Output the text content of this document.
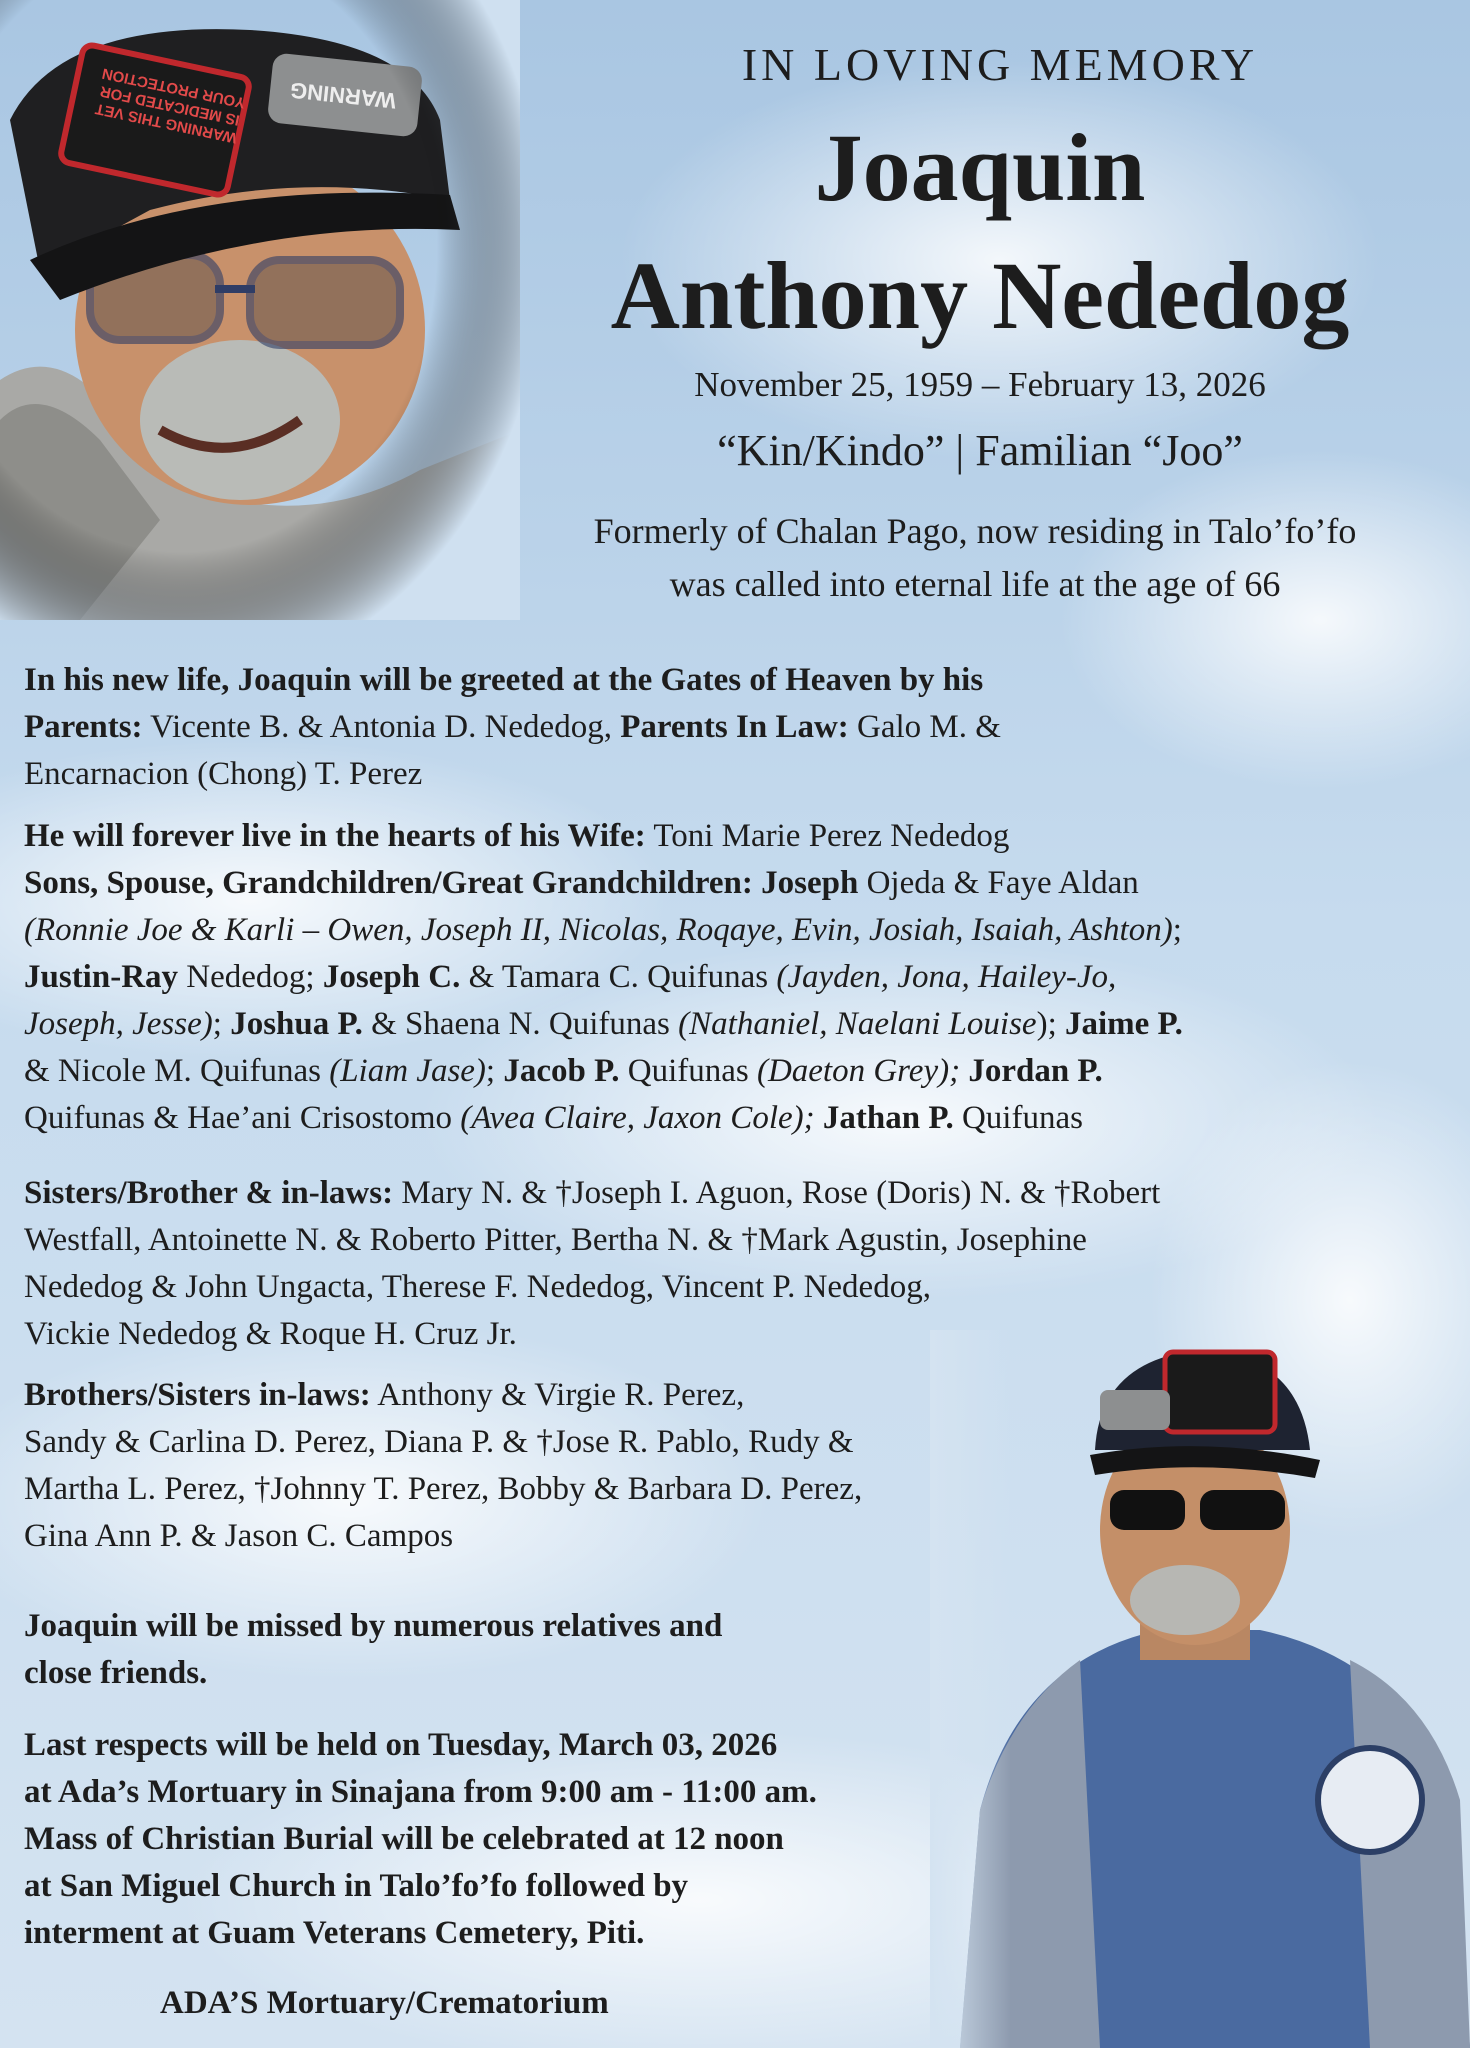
WARNING THIS VET IS MEDICATED FOR YOUR PROTECTION WARNING
IN LOVING MEMORY
Joaquin
Anthony Nededog
November 25, 1959 – February 13, 2026
“Kin/Kindo” | Familian “Joo”
Formerly of Chalan Pago, now residing in Talo’fo’fo
was called into eternal life at the age of 66
In his new life, Joaquin will be greeted at the Gates of Heaven by his
Parents: Vicente B. & Antonia D. Nededog, Parents In Law: Galo M. &
Encarnacion (Chong) T. Perez
He will forever live in the hearts of his Wife: Toni Marie Perez Nededog
Sons, Spouse, Grandchildren/Great Grandchildren: Joseph Ojeda & Faye Aldan
(Ronnie Joe & Karli – Owen, Joseph II, Nicolas, Roqaye, Evin, Josiah, Isaiah, Ashton);
Justin-Ray Nededog; Joseph C. & Tamara C. Quifunas (Jayden, Jona, Hailey-Jo,
Joseph, Jesse); Joshua P. & Shaena N. Quifunas (Nathaniel, Naelani Louise); Jaime P.
& Nicole M. Quifunas (Liam Jase); Jacob P. Quifunas (Daeton Grey); Jordan P.
Quifunas & Hae’ani Crisostomo (Avea Claire, Jaxon Cole); Jathan P. Quifunas
Sisters/Brother & in-laws: Mary N. & †Joseph I. Aguon, Rose (Doris) N. & †Robert
Westfall, Antoinette N. & Roberto Pitter, Bertha N. & †Mark Agustin, Josephine
Nededog & John Ungacta, Therese F. Nededog, Vincent P. Nededog,
Vickie Nededog & Roque H. Cruz Jr.
Brothers/Sisters in-laws: Anthony & Virgie R. Perez,
Sandy & Carlina D. Perez, Diana P. & †Jose R. Pablo, Rudy &
Martha L. Perez, †Johnny T. Perez, Bobby & Barbara D. Perez,
Gina Ann P. & Jason C. Campos
Joaquin will be missed by numerous relatives and
close friends.
Last respects will be held on Tuesday, March 03, 2026
at Ada’s Mortuary in Sinajana from 9:00 am - 11:00 am.
Mass of Christian Burial will be celebrated at 12 noon
at San Miguel Church in Talo’fo’fo followed by
interment at Guam Veterans Cemetery, Piti.
ADA’S Mortuary/Crematorium
